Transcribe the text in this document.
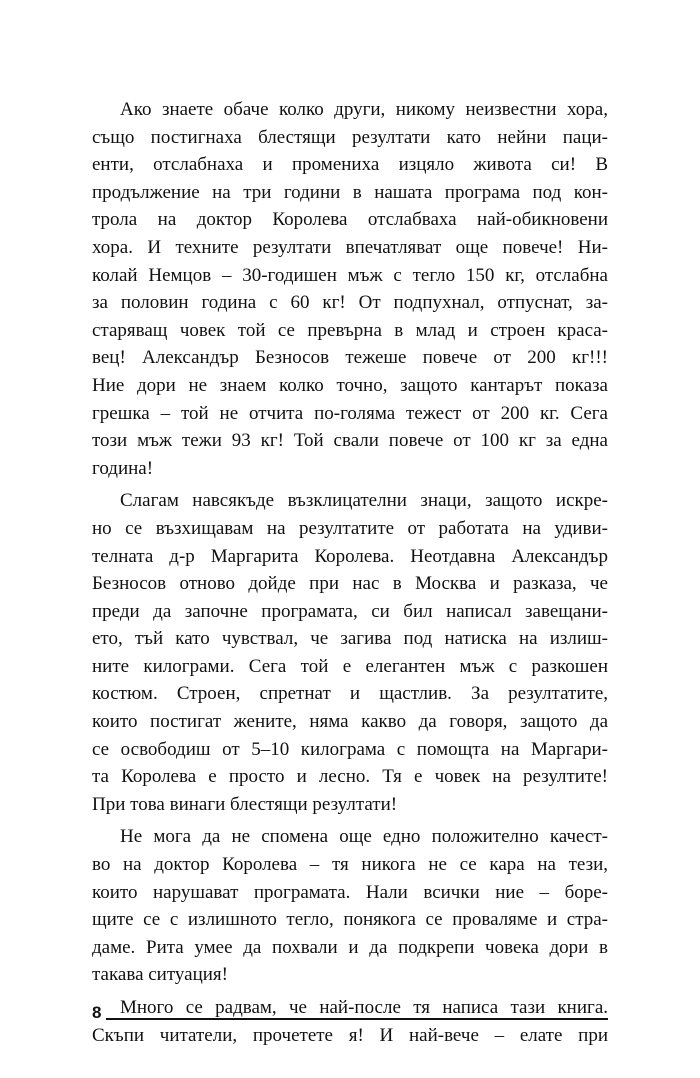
Ако знаете обаче колко други, никому неизвестни хора,
също постигнаха блестящи резултати като нейни паци-
енти, отслабнаха и промениха изцяло живота си! В
продължение на три години в нашата програма под кон-
трола на доктор Королева отслабваха най-обикновени
хора. И техните резултати впечатляват още повече! Ни-
колай Немцов – 30-годишен мъж с тегло 150 кг, отслабна
за половин година с 60 кг! От подпухнал, отпуснат, за-
старяващ човек той се превърна в млад и строен краса-
вец! Александър Безносов тежеше повече от 200 кг!!!
Ние дори не знаем колко точно, защото кантарът показа
грешка – той не отчита по-голяма тежест от 200 кг. Сега
този мъж тежи 93 кг! Той свали повече от 100 кг за една
година!
Слагам навсякъде възклицателни знаци, защото искре-
но се възхищавам на резултатите от работата на удиви-
телната д-р Маргарита Королева. Неотдавна Александър
Безносов отново дойде при нас в Москва и разказа, че
преди да започне програмата, си бил написал завещани-
ето, тъй като чувствал, че загива под натиска на излиш-
ните килограми. Сега той е елегантен мъж с разкошен
костюм. Строен, спретнат и щастлив. За резултатите,
които постигат жените, няма какво да говоря, защото да
се освободиш от 5–10 килограма с помощта на Маргари-
та Королева е просто и лесно. Тя е човек на резултите!
При това винаги блестящи резултати!
Не мога да не спомена още едно положително качест-
во на доктор Королева – тя никога не се кара на тези,
които нарушават програмата. Нали всички ние – боре-
щите се с излишното тегло, понякога се проваляме и стра-
даме. Рита умее да похвали и да подкрепи човека дори в
такава ситуация!
Много се радвам, че най-после тя написа тази книга.
Скъпи читатели, прочетете я! И най-вече – елате при
8
